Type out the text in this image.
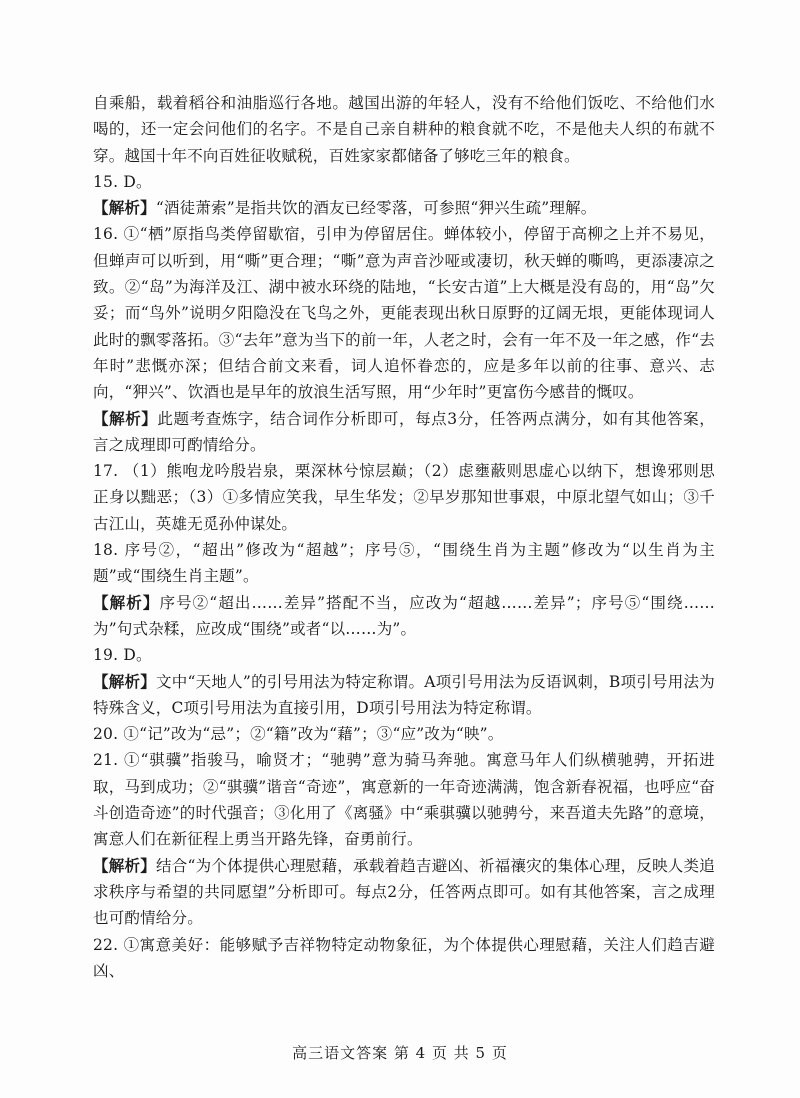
自乘船，载着稻谷和油脂巡行各地。越国出游的年轻人，没有不给他们饭吃、不给他们水喝的，还一定会问他们的名字。不是自己亲自耕种的粮食就不吃，不是他夫人织的布就不穿。越国十年不向百姓征收赋税，百姓家家都储备了够吃三年的粮食。

15. D。

【解析】“酒徒萧索”是指共饮的酒友已经零落，可参照“狎兴生疏”理解。

16. ①“栖”原指鸟类停留歇宿，引申为停留居住。蝉体较小，停留于高柳之上并不易见，但蝉声可以听到，用“嘶”更合理；“嘶”意为声音沙哑或凄切，秋天蝉的嘶鸣，更添凄凉之致。②“岛”为海洋及江、湖中被水环绕的陆地，“长安古道”上大概是没有岛的，用“岛”欠妥；而“鸟外”说明夕阳隐没在飞鸟之外，更能表现出秋日原野的辽阔无垠，更能体现词人此时的飘零落拓。③“去年”意为当下的前一年，人老之时，会有一年不及一年之感，作“去年时”悲慨亦深；但结合前文来看，词人追怀眷恋的，应是多年以前的往事、意兴、志向，“狎兴”、饮酒也是早年的放浪生活写照，用“少年时”更富伤今感昔的慨叹。

【解析】此题考查炼字，结合词作分析即可，每点3分，任答两点满分，如有其他答案，言之成理即可酌情给分。

17. （1）熊咆龙吟殷岩泉，栗深林兮惊层巅；（2）虑壅蔽则思虚心以纳下，想谗邪则思正身以黜恶；（3）①多情应笑我，早生华发；②早岁那知世事艰，中原北望气如山；③千古江山，英雄无觅孙仲谋处。

18. 序号②，“超出”修改为“超越”；序号⑤，“围绕生肖为主题”修改为“以生肖为主题”或“围绕生肖主题”。

【解析】序号②“超出……差异”搭配不当，应改为“超越……差异”；序号⑤“围绕……为”句式杂糅，应改成“围绕”或者“以……为”。

19. D。

【解析】文中“天地人”的引号用法为特定称谓。A项引号用法为反语讽刺，B项引号用法为特殊含义，C项引号用法为直接引用，D项引号用法为特定称谓。

20. ①“记”改为“忌”；②“籍”改为“藉”；③“应”改为“映”。

21. ①“骐骥”指骏马，喻贤才；“驰骋”意为骑马奔驰。寓意马年人们纵横驰骋，开拓进取，马到成功；②“骐骥”谐音“奇迹”，寓意新的一年奇迹满满，饱含新春祝福，也呼应“奋斗创造奇迹”的时代强音；③化用了《离骚》中“乘骐骥以驰骋兮，来吾道夫先路”的意境，寓意人们在新征程上勇当开路先锋，奋勇前行。

【解析】结合“为个体提供心理慰藉，承载着趋吉避凶、祈福禳灾的集体心理，反映人类追求秩序与希望的共同愿望”分析即可。每点2分，任答两点即可。如有其他答案，言之成理也可酌情给分。

22. ①寓意美好：能够赋予吉祥物特定动物象征，为个体提供心理慰藉，关注人们趋吉避凶、

高三语文答案 第 4 页 共 5 页
